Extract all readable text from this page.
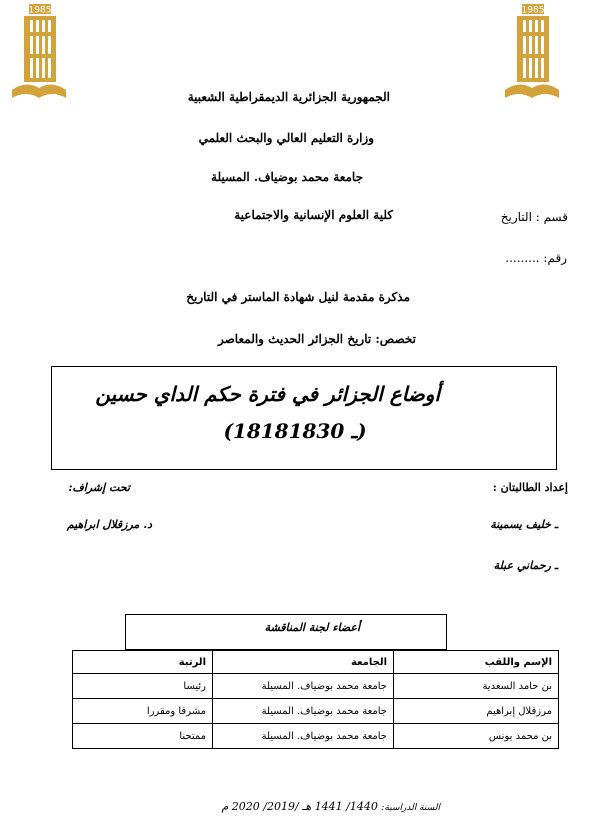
1985	1985
الجمهورية الجزائرية الديمقراطية الشعبية
وزارة التعليم العالي والبحث العلمي
جامعة محمد بوضياف. المسيلة
كلية العلوم الإنسانية والاجتماعية	قسم : التاريخ
رقم: .........
مذكرة مقدمة لنيل شهادة الماستر في التاريخ
تخصص: تاريخ الجزائر الحديث والمعاصر
أوضاع الجزائر في فترة حكم الداي حسين
(1818ـ 1830)
إعداد الطالبتان :
تحت إشراف:
ـ خليف يسمينة
د. مرزقلال ابراهيم
ـ رحماني عبلة
أعضاء لجنة المناقشة
الإسم واللقب	الجامعة	الرتبة
بن حامد السعدية	جامعة محمد بوضياف. المسيلة	رئيسا
مرزقلال إبراهيم	جامعة محمد بوضياف. المسيلة	مشرفا ومقررا
بن محمد يونس	جامعة محمد بوضياف. المسيلة	ممتحنا
السنة الدراسية: 1440/ 1441 هـ /2019/ 2020 م
